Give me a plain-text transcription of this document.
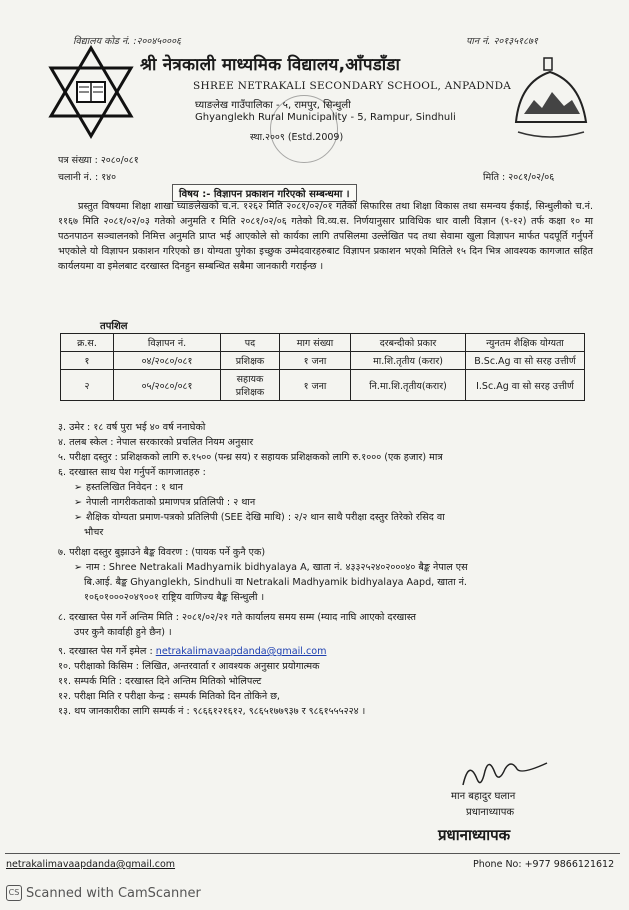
विद्यालय कोड नं. :२००४५०००६	पान नं. २०१३५१८७१
श्री नेत्रकाली माध्यमिक विद्यालय,आँपडाँडा
SHREE NETRAKALI SECONDARY SCHOOL, ANPADNDA
घ्याङलेख गाउँपालिका - ५, रामपुर, सिन्धुली
Ghyanglekh Rural Municipality - 5, Rampur, Sindhuli
स्था.२००९ (Estd.2009)
पत्र संख्या : २०८०/०८१
चलानी नं. : १४०	मिति : २०८१/०२/०६
विषय :- विज्ञापन प्रकाशन गरिएको सम्बन्धमा ।

प्रस्तुत विषयमा शिक्षा शाखा घ्याङलेखको च.नं. १२६२ मिति २०८१/०२/०१ गतेको सिफारिस तथा शिक्षा विकास तथा समन्वय ईकाई, सिन्धुलीको च.नं. ११६७ मिति २०८१/०२/०३ गतेको अनुमति र मिति २०८१/०२/०६ गतेको वि.व्य.स. निर्णयानुसार प्राविधिक धार वाली विज्ञान (९-१२) तर्फ कक्षा १० मा पठनपाठन सञ्चालनको निमित्त अनुमति प्राप्त भई आएकोले सो कार्यका लागि तपसिलमा उल्लेखित पद तथा सेवामा खुला विज्ञापन मार्फत पदपूर्ति गर्नुपर्ने भएकोले यो विज्ञापन प्रकाशन गरिएको छ। योग्यता पुगेका इच्छुक उम्मेदवारहरुबाट विज्ञापन प्रकाशन भएको मितिले १५ दिन भित्र आवश्यक कागजात सहित कार्यलयमा वा इमेलबाट दरखास्त दिनहुन सम्बन्धित सबैमा जानकारी गराईन्छ ।

तपशिल
क्र.स.	विज्ञापन नं.	पद	माग संख्या	दरबन्दीको प्रकार	न्युनतम शैक्षिक योग्यता
१	०४/२०८०/०८१	प्रशिक्षक	१ जना	मा.शि.तृतीय (करार)	B.Sc.Ag वा सो सरह उत्तीर्ण
२	०५/२०८०/०८१	सहायक प्रशिक्षक	१ जना	नि.मा.शि.तृतीय(करार)	I.Sc.Ag वा सो सरह उत्तीर्ण
३. उमेर : १८ वर्ष पुरा भई ४० वर्ष ननाघेको
४. तलब स्केल : नेपाल सरकारको प्रचलित नियम अनुसार
५. परीक्षा दस्तुर : प्रशिक्षकको लागि रु.१५०० (पन्ध्र सय) र सहायक प्रशिक्षकको लागि रु.१००० (एक हजार) मात्र
६. दरखास्त साथ पेश गर्नुपर्ने कागजातहरु :
➢ हस्तलिखित निवेदन : १ थान
➢ नेपाली नागरीकताको प्रमाणपत्र प्रतिलिपी : २ थान
➢ शैक्षिक योग्यता प्रमाण-पत्रको प्रतिलिपी (SEE देखि माथि) : २/२ थान साथै परीक्षा दस्तुर तिरेको रसिद वा
भौचर
७. परीक्षा दस्तुर बुझाउने बैङ्क विवरण : (पायक पर्ने कुनै एक)
➢ नाम : Shree Netrakali Madhyamik bidhyalaya A, खाता नं. ४३३२५२४०२०००४० बैङ्क नेपाल एस
बि.आई. बैङ्क Ghyanglekh, Sindhuli वा Netrakali Madhyamik bidhyalaya Aapd, खाता नं.
१०६०१०००२०४९००१ राष्ट्रिय वाणिज्य बैङ्क सिन्धुली ।
८. दरखास्त पेस गर्ने अन्तिम मिति : २०८१/०२/२१ गते कार्यालय समय सम्म (म्याद नाघि आएको दरखास्त
उपर कुनै कार्वाही हुने छैन) ।
९. दरखास्त पेस गर्ने इमेल : netrakalimavaapdanda@gmail.com
१०. परीक्षाको किसिम : लिखित, अन्तरवार्ता र आवश्यक अनुसार प्रयोगात्मक
११. सम्पर्क मिति : दरखास्त दिने अन्तिम मितिको भोलिपल्ट
१२. परीक्षा मिति र परीक्षा केन्द्र : सम्पर्क मितिको दिन तोकिने छ,
१३. थप जानकारीका लागि सम्पर्क नं : ९८६६१२१६१२, ९८६५१७७९३७ र ९८६१५५५२२४ ।
मान बहादुर घलान
प्रधानाध्यापक
प्रधानाध्यापक
netrakalimavaapdanda@gmail.com	Phone No: +977 9866121612
CS Scanned with CamScanner
